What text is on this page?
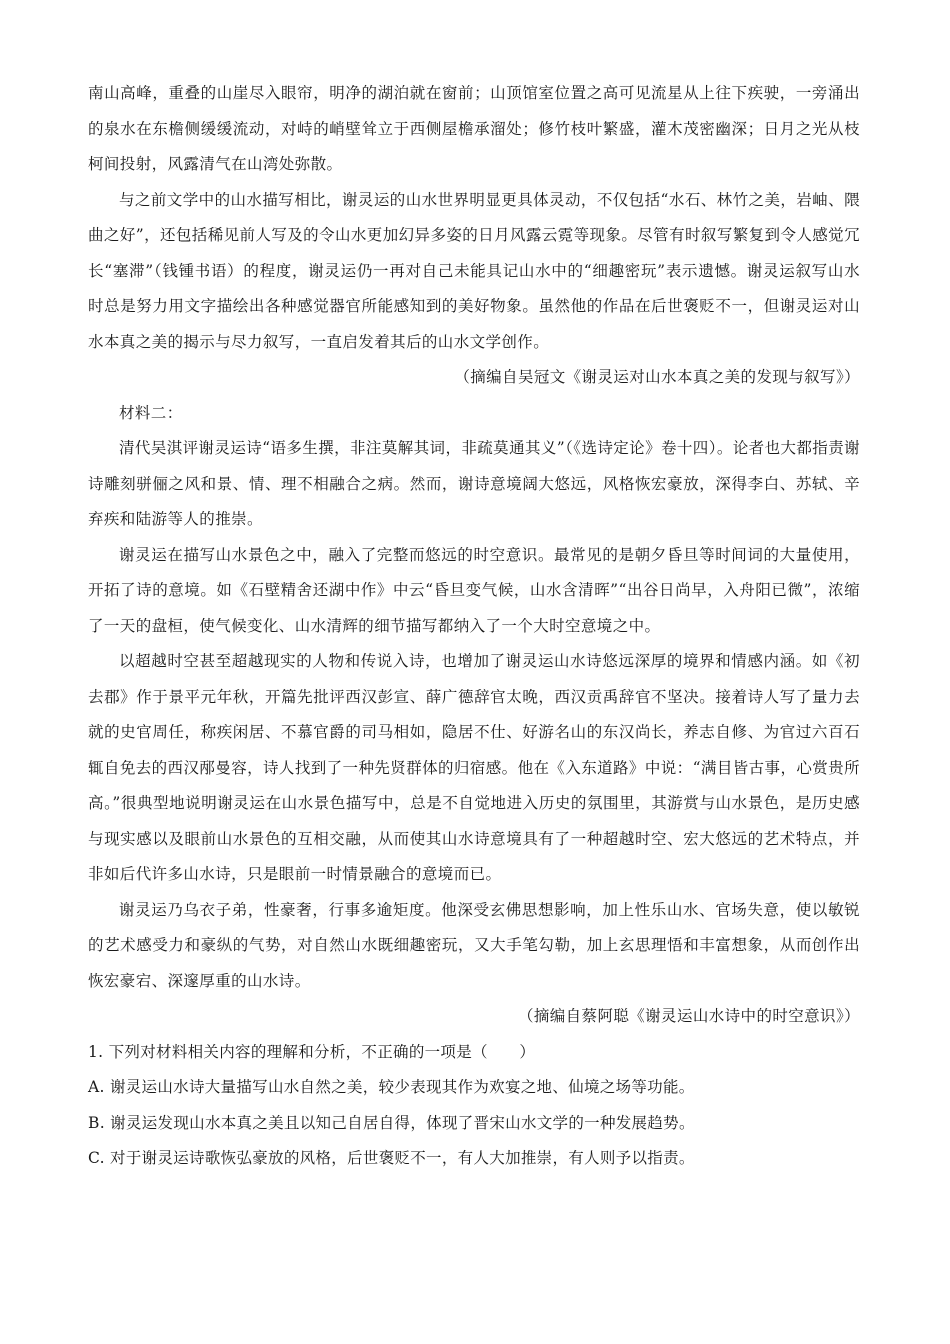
南山高峰，重叠的山崖尽入眼帘，明净的湖泊就在窗前；山顶馆室位置之高可见流星从上往下疾驶，一旁涌出的泉水在东檐侧缓缓流动，对峙的峭壁耸立于西侧屋檐承溜处；修竹枝叶繁盛，灌木茂密幽深；日月之光从枝柯间投射，风露清气在山湾处弥散。

与之前文学中的山水描写相比，谢灵运的山水世界明显更具体灵动，不仅包括“水石、林竹之美，岩岫、隈曲之好”，还包括稀见前人写及的令山水更加幻异多姿的日月风露云霓等现象。尽管有时叙写繁复到令人感觉冗长“塞滞”（钱锺书语）的程度，谢灵运仍一再对自己未能具记山水中的“细趣密玩”表示遗憾。谢灵运叙写山水时总是努力用文字描绘出各种感觉器官所能感知到的美好物象。虽然他的作品在后世褒贬不一，但谢灵运对山水本真之美的揭示与尽力叙写，一直启发着其后的山水文学创作。

（摘编自吴冠文《谢灵运对山水本真之美的发现与叙写》）

材料二：

清代吴淇评谢灵运诗“语多生撰，非注莫解其词，非疏莫通其义”（《选诗定论》卷十四）。论者也大都指责谢诗雕刻骈俪之风和景、情、理不相融合之病。然而，谢诗意境阔大悠远，风格恢宏豪放，深得李白、苏轼、辛弃疾和陆游等人的推崇。

谢灵运在描写山水景色之中，融入了完整而悠远的时空意识。最常见的是朝夕昏旦等时间词的大量使用，开拓了诗的意境。如《石壁精舍还湖中作》中云“昏旦变气候，山水含清晖”“出谷日尚早，入舟阳已微”，浓缩了一天的盘桓，使气候变化、山水清辉的细节描写都纳入了一个大时空意境之中。

以超越时空甚至超越现实的人物和传说入诗，也增加了谢灵运山水诗悠远深厚的境界和情感内涵。如《初去郡》作于景平元年秋，开篇先批评西汉彭宣、薛广德辞官太晚，西汉贡禹辞官不坚决。接着诗人写了量力去就的史官周任，称疾闲居、不慕官爵的司马相如，隐居不仕、好游名山的东汉尚长，养志自修、为官过六百石辄自免去的西汉邴曼容，诗人找到了一种先贤群体的归宿感。他在《入东道路》中说：“满目皆古事，心赏贵所高。”很典型地说明谢灵运在山水景色描写中，总是不自觉地进入历史的氛围里，其游赏与山水景色，是历史感与现实感以及眼前山水景色的互相交融，从而使其山水诗意境具有了一种超越时空、宏大悠远的艺术特点，并非如后代许多山水诗，只是眼前一时情景融合的意境而已。

谢灵运乃乌衣子弟，性豪奢，行事多逾矩度。他深受玄佛思想影响，加上性乐山水、官场失意，使以敏锐的艺术感受力和豪纵的气势，对自然山水既细趣密玩，又大手笔勾勒，加上玄思理悟和丰富想象，从而创作出恢宏豪宕、深邃厚重的山水诗。

（摘编自蔡阿聪《谢灵运山水诗中的时空意识》）

1. 下列对材料相关内容的理解和分析，不正确的一项是（　　）

A. 谢灵运山水诗大量描写山水自然之美，较少表现其作为欢宴之地、仙境之场等功能。

B. 谢灵运发现山水本真之美且以知己自居自得，体现了晋宋山水文学的一种发展趋势。

C. 对于谢灵运诗歌恢弘豪放的风格，后世褒贬不一，有人大加推崇，有人则予以指责。
